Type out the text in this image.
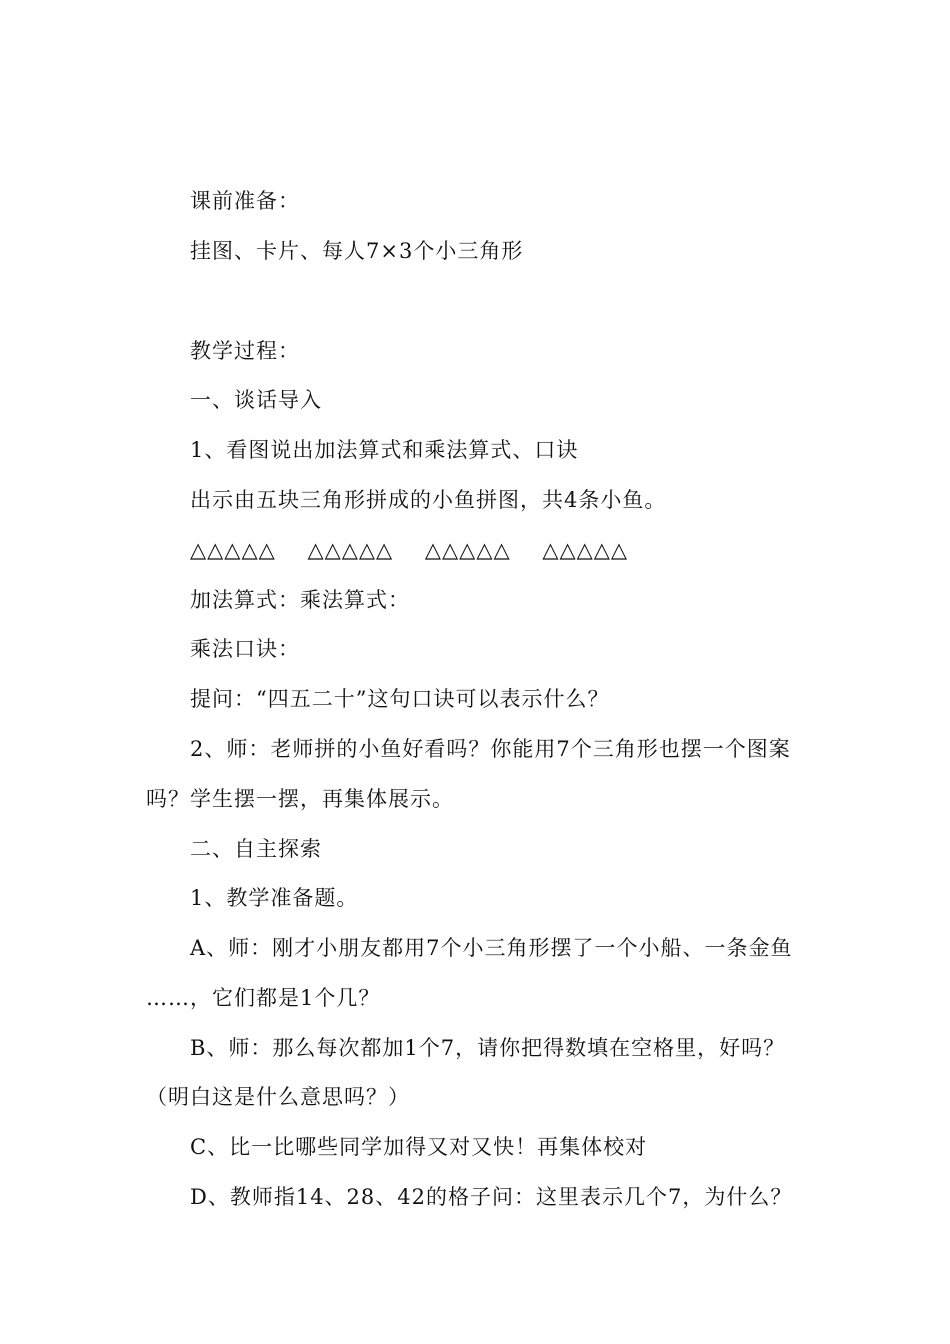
课前准备：
挂图、卡片、每人7×3个小三角形
教学过程：
一、谈话导入
1、看图说出加法算式和乘法算式、口诀
出示由五块三角形拼成的小鱼拼图，共4条小鱼。
△△△△△ △△△△△ △△△△△ △△△△△
加法算式：乘法算式：
乘法口诀：
提问：“四五二十”这句口诀可以表示什么？
2、师：老师拼的小鱼好看吗？你能用7个三角形也摆一个图案
吗？学生摆一摆，再集体展示。
二、自主探索
1、教学准备题。
A、师：刚才小朋友都用7个小三角形摆了一个小船、一条金鱼
……，它们都是1个几？
B、师：那么每次都加1个7，请你把得数填在空格里，好吗？
（明白这是什么意思吗？）
C、比一比哪些同学加得又对又快！再集体校对
D、教师指14、28、42的格子问：这里表示几个7，为什么？
